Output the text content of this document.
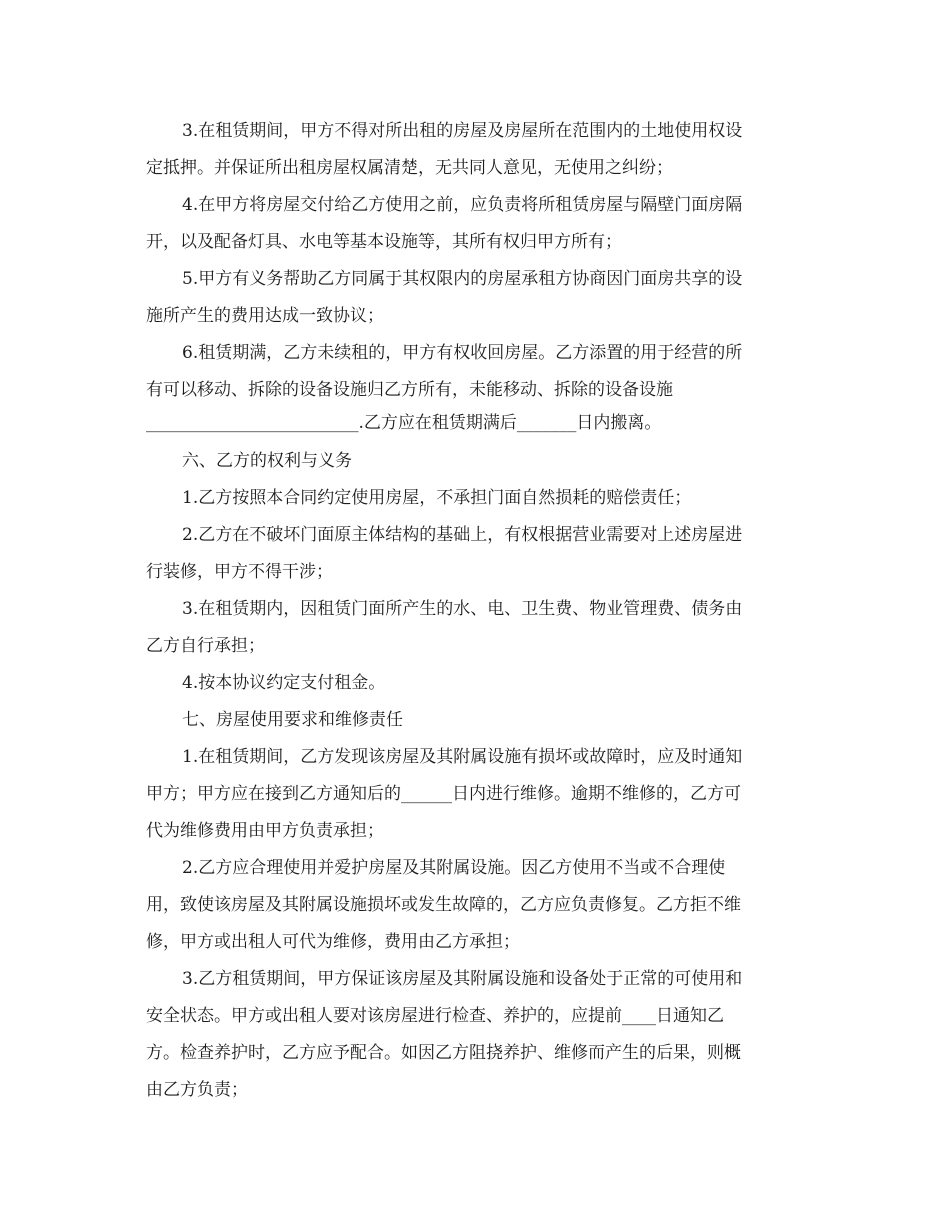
3.在租赁期间，甲方不得对所出租的房屋及房屋所在范围内的土地使用权设
定抵押。并保证所出租房屋权属清楚，无共同人意见，无使用之纠纷；
4.在甲方将房屋交付给乙方使用之前，应负责将所租赁房屋与隔壁门面房隔
开，以及配备灯具、水电等基本设施等，其所有权归甲方所有；
5.甲方有义务帮助乙方同属于其权限内的房屋承租方协商因门面房共享的设
施所产生的费用达成一致协议；
6.租赁期满，乙方未续租的，甲方有权收回房屋。乙方添置的用于经营的所
有可以移动、拆除的设备设施归乙方所有，未能移动、拆除的设备设施
_________________________.乙方应在租赁期满后_______日内搬离。
六、乙方的权利与义务
1.乙方按照本合同约定使用房屋，不承担门面自然损耗的赔偿责任；
2.乙方在不破坏门面原主体结构的基础上，有权根据营业需要对上述房屋进
行装修，甲方不得干涉；
3.在租赁期内，因租赁门面所产生的水、电、卫生费、物业管理费、债务由
乙方自行承担；
4.按本协议约定支付租金。
七、房屋使用要求和维修责任
1.在租赁期间，乙方发现该房屋及其附属设施有损坏或故障时，应及时通知
甲方；甲方应在接到乙方通知后的______日内进行维修。逾期不维修的，乙方可
代为维修费用由甲方负责承担；
2.乙方应合理使用并爱护房屋及其附属设施。因乙方使用不当或不合理使
用，致使该房屋及其附属设施损坏或发生故障的，乙方应负责修复。乙方拒不维
修，甲方或出租人可代为维修，费用由乙方承担；
3.乙方租赁期间，甲方保证该房屋及其附属设施和设备处于正常的可使用和
安全状态。甲方或出租人要对该房屋进行检查、养护的，应提前____日通知乙
方。检查养护时，乙方应予配合。如因乙方阻挠养护、维修而产生的后果，则概
由乙方负责；
